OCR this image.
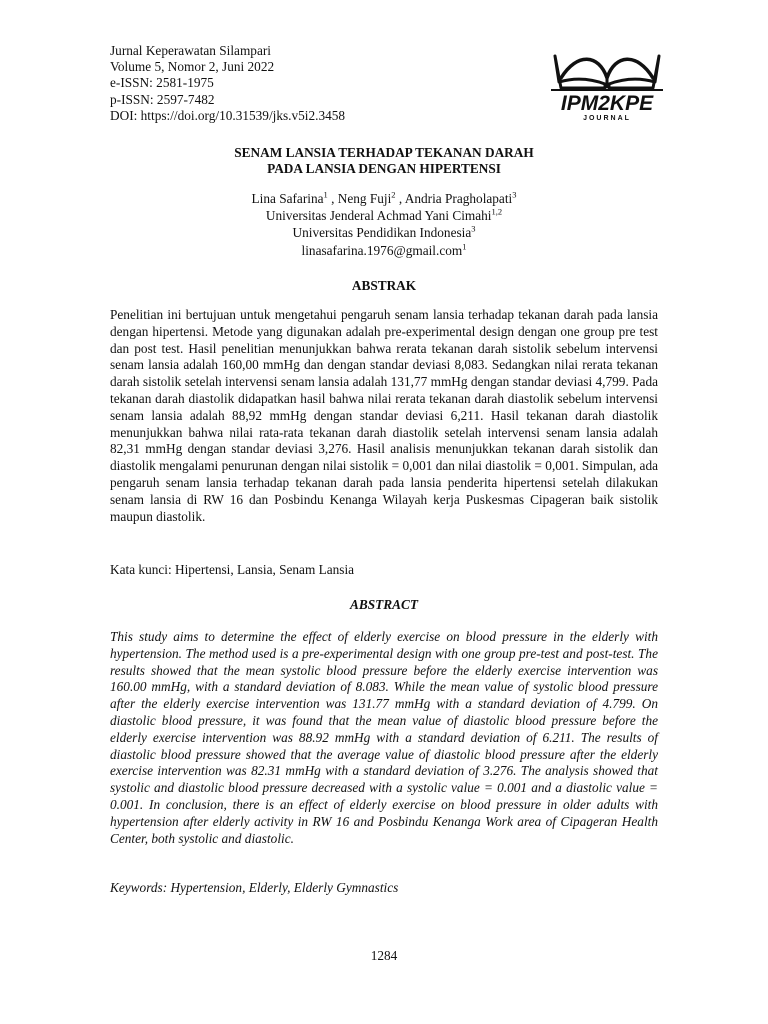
Jurnal Keperawatan Silampari
Volume 5, Nomor 2, Juni 2022
e-ISSN: 2581-1975
p-ISSN: 2597-7482
DOI: https://doi.org/10.31539/jks.v5i2.3458
IPM2KPE
JOURNAL
SENAM LANSIA TERHADAP TEKANAN DARAH
PADA LANSIA DENGAN HIPERTENSI
Lina Safarina$^1$ , Neng Fuji$^2$ , Andria Pragholapati$^3$
Universitas Jenderal Achmad Yani Cimahi$^{1,2}$
Universitas Pendidikan Indonesia$^3$
linasafarina.1976@gmail.com$^1$
ABSTRAK
Penelitian ini bertujuan untuk mengetahui pengaruh senam lansia terhadap tekanan darah pada lansia dengan hipertensi. Metode yang digunakan adalah pre-experimental design dengan one group pre test dan post test. Hasil penelitian menunjukkan bahwa rerata tekanan darah sistolik sebelum intervensi senam lansia adalah 160,00 mmHg dan dengan standar deviasi 8,083. Sedangkan nilai rerata tekanan darah sistolik setelah intervensi senam lansia adalah 131,77 mmHg dengan standar deviasi 4,799. Pada tekanan darah diastolik didapatkan hasil bahwa nilai rerata tekanan darah diastolik sebelum intervensi senam lansia adalah 88,92 mmHg dengan standar deviasi 6,211. Hasil tekanan darah diastolik menunjukkan bahwa nilai rata-rata tekanan darah diastolik setelah intervensi senam lansia adalah 82,31 mmHg dengan standar deviasi 3,276. Hasil analisis menunjukkan tekanan darah sistolik dan diastolik mengalami penurunan dengan nilai sistolik = 0,001 dan nilai diastolik = 0,001. Simpulan, ada pengaruh senam lansia terhadap tekanan darah pada lansia penderita hipertensi setelah dilakukan senam lansia di RW 16 dan Posbindu Kenanga Wilayah kerja Puskesmas Cipageran baik sistolik maupun diastolik.
Kata kunci: Hipertensi, Lansia, Senam Lansia
ABSTRACT
This study aims to determine the effect of elderly exercise on blood pressure in the elderly with hypertension. The method used is a pre-experimental design with one group pre-test and post-test. The results showed that the mean systolic blood pressure before the elderly exercise intervention was 160.00 mmHg, with a standard deviation of 8.083. While the mean value of systolic blood pressure after the elderly exercise intervention was 131.77 mmHg with a standard deviation of 4.799. On diastolic blood pressure, it was found that the mean value of diastolic blood pressure before the elderly exercise intervention was 88.92 mmHg with a standard deviation of 6.211. The results of diastolic blood pressure showed that the average value of diastolic blood pressure after the elderly exercise intervention was 82.31 mmHg with a standard deviation of 3.276. The analysis showed that systolic and diastolic blood pressure decreased with a systolic value = 0.001 and a diastolic value = 0.001. In conclusion, there is an effect of elderly exercise on blood pressure in older adults with hypertension after elderly activity in RW 16 and Posbindu Kenanga Work area of Cipageran Health Center, both systolic and diastolic.
Keywords: Hypertension, Elderly, Elderly Gymnastics
1284
